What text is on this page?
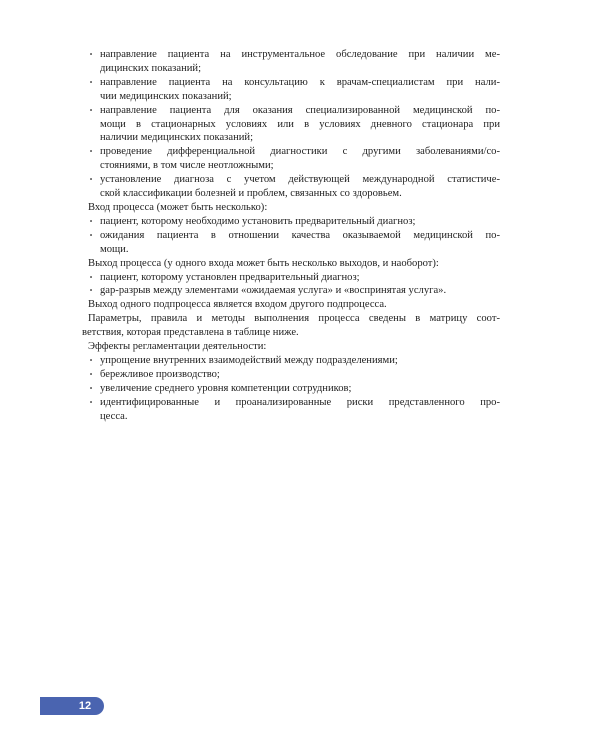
• направление пациента на инструментальное обследование при наличии ме-
дицинских показаний;
• направление пациента на консультацию к врачам-специалистам при нали-
чии медицинских показаний;
• направление пациента для оказания специализированной медицинской по-
мощи в стационарных условиях или в условиях дневного стационара при
наличии медицинских показаний;
• проведение дифференциальной диагностики с другими заболеваниями/со-
стояниями, в том числе неотложными;
• установление диагноза с учетом действующей международной статистиче-
ской классификации болезней и проблем, связанных со здоровьем.
Вход процесса (может быть несколько):
• пациент, которому необходимо установить предварительный диагноз;
• ожидания пациента в отношении качества оказываемой медицинской по-
мощи.
Выход процесса (у одного входа может быть несколько выходов, и наоборот):
• пациент, которому установлен предварительный диагноз;
• gap-разрыв между элементами «ожидаемая услуга» и «воспринятая услуга».
Выход одного подпроцесса является входом другого подпроцесса.
Параметры, правила и методы выполнения процесса сведены в матрицу соот-
ветствия, которая представлена в таблице ниже.
Эффекты регламентации деятельности:
• упрощение внутренних взаимодействий между подразделениями;
• бережливое производство;
• увеличение среднего уровня компетенции сотрудников;
• идентифицированные и проанализированные риски представленного про-
цесса.
12
